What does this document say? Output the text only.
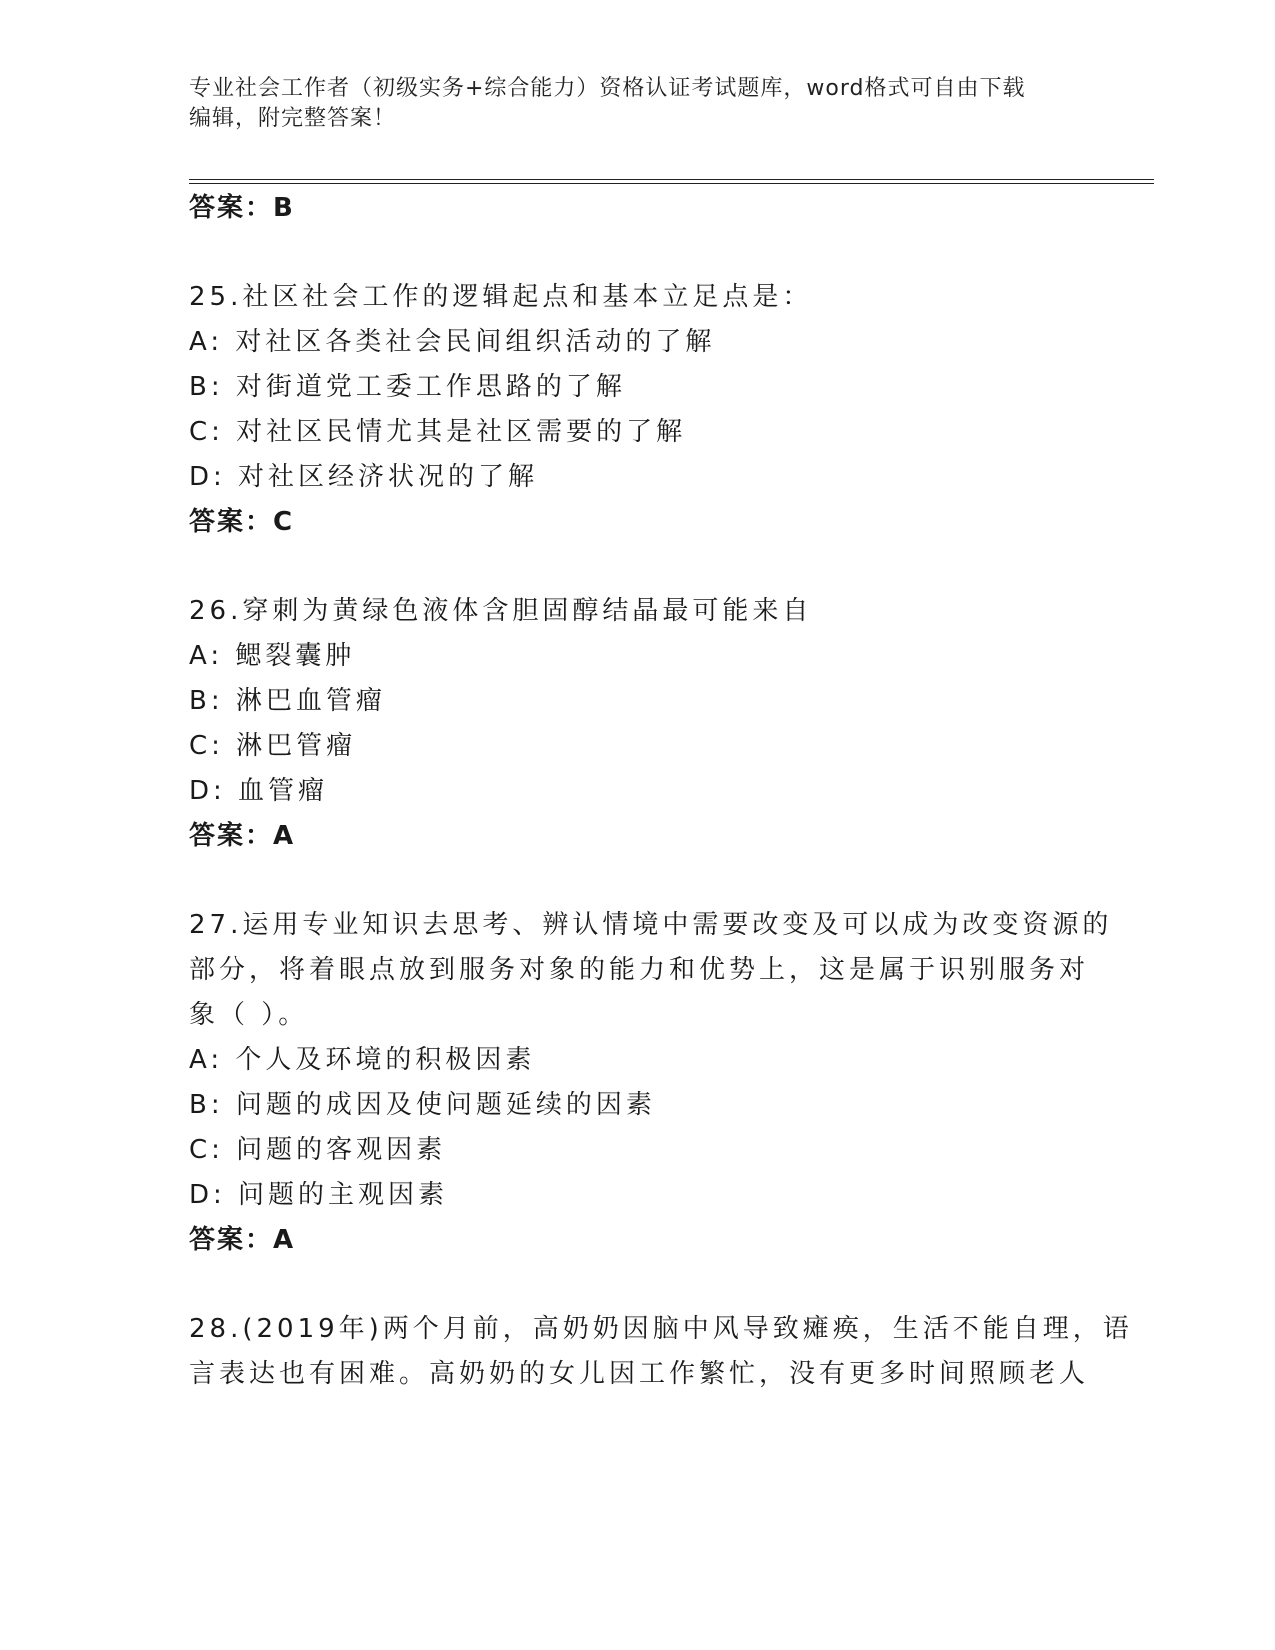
专业社会工作者（初级实务+综合能力）资格认证考试题库，word格式可自由下载
编辑，附完整答案！
答案：B
25.社区社会工作的逻辑起点和基本立足点是：
A: 对社区各类社会民间组织活动的了解
B: 对街道党工委工作思路的了解
C: 对社区民情尤其是社区需要的了解
D: 对社区经济状况的了解
答案：C
26.穿刺为黄绿色液体含胆固醇结晶最可能来自
A: 鳃裂囊肿
B: 淋巴血管瘤
C: 淋巴管瘤
D: 血管瘤
答案：A
27.运用专业知识去思考、辨认情境中需要改变及可以成为改变资源的
部分，将着眼点放到服务对象的能力和优势上，这是属于识别服务对
象（ ）。
A: 个人及环境的积极因素
B: 问题的成因及使问题延续的因素
C: 问题的客观因素
D: 问题的主观因素
答案：A
28.(2019年)两个月前，高奶奶因脑中风导致瘫痪，生活不能自理，语
言表达也有困难。高奶奶的女儿因工作繁忙，没有更多时间照顾老人
